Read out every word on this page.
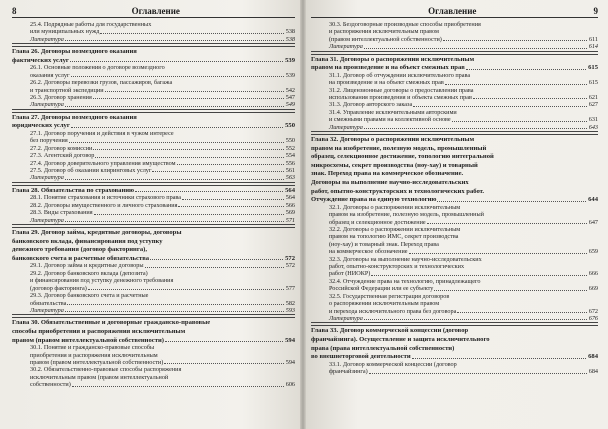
8	Оглавление
25.4. Подрядные работы для государственных
или муниципальных нужд	538
Литература	538
Глава 26. Договоры возмездного оказания
фактических услуг	539
26.1. Основные положения о договоре возмездного
оказания услуг	539
26.2. Договоры перевозки грузов, пассажиров, багажа
и транспортной экспедиции	542
26.3. Договор хранения	547
Литература	549
Глава 27. Договоры возмездного оказания
юридических услуг	550
27.1. Договор поручения и действия в чужом интересе
без поручения	550
27.2. Договор комиссии	552
27.3. Агентский договор	554
27.4. Договор доверительного управления имуществом	556
27.5. Договор об оказании клиринговых услуг	561
Литература	563
Глава 28. Обязательства по страхованию	564
28.1. Понятие страхования и источники страхового права	564
28.2. Договоры имущественного и личного страхования	566
28.3. Виды страхования	569
Литература	571
Глава 29. Договор займа, кредитные договоры, договоры
банковского вклада, финансирования под уступку
денежного требования (договор факторинга),
банковского счета и расчетные обязательства	572
29.1. Договор займа и кредитные договоры	572
29.2. Договор банковского вклада (депозита)
и финансирования под уступку денежного требования
(договор факторинга)	577
29.3. Договор банковского счета и расчетные
обязательства	582
Литература	593
Глава 30. Обязательственные и договорные гражданско-правовые
способы приобретения и распоряжения исключительным
правом (правом интеллектуальной собственности)	594
30.1. Понятие и гражданско-правовые способы
приобретения и распоряжения исключительным
правом (правом интеллектуальной собственности)	594
30.2. Обязательственно-правовые способы распоряжения
исключительным правом (правом интеллектуальной
собственности)	606
Оглавление	9
30.3. Бездоговорные производные способы приобретения
и распоряжения исключительным правом
(правом интеллектуальной собственности)	611
Литература	614
Глава 31. Договоры о распоряжении исключительным
правом на произведение и на объект смежных прав	615
31.1. Договор об отчуждении исключительного права
на произведение и на объект смежных прав	615
31.2. Лицензионные договоры о предоставлении права
использования произведения и объекта смежных прав	621
31.3. Договор авторского заказа	627
31.4. Управление исключительными авторскими
и смежными правами на коллективной основе	631
Литература	643
Глава 32. Договоры о распоряжении исключительным
правом на изобретение, полезную модель, промышленный
образец, селекционное достижение, топологию интегральной
микросхемы, секрет производства (ноу-хау) и товарный
знак. Переход права на коммерческое обозначение.
Договоры на выполнение научно-исследовательских
работ, опытно-конструкторских и технологических работ.
Отчуждение права на единую технологию	644
32.1. Договоры о распоряжении исключительным
правом на изобретение, полезную модель, промышленный
образец и селекционное достижение	647
32.2. Договоры о распоряжении исключительным
правом на топологию ИМС, секрет производства
(ноу-хау) и товарный знак. Переход права
на коммерческое обозначение	659
32.3. Договоры на выполнение научно-исследовательских
работ, опытно-конструкторских и технологических
работ (НИОКР)	666
32.4. Отчуждение права на технологию, принадлежащего
Российской Федерации или ее субъекту	669
32.5. Государственная регистрация договоров
о распоряжении исключительным правом
и перехода исключительного права без договора	672
Литература	676
Глава 33. Договор коммерческой концессии (договор
франчайзинга). Осуществление и защита исключительного
права (права интеллектуальной собственности)
во внешнеторговой деятельности	684
33.1. Договор коммерческой концессии (договор
франчайзинга)	684
